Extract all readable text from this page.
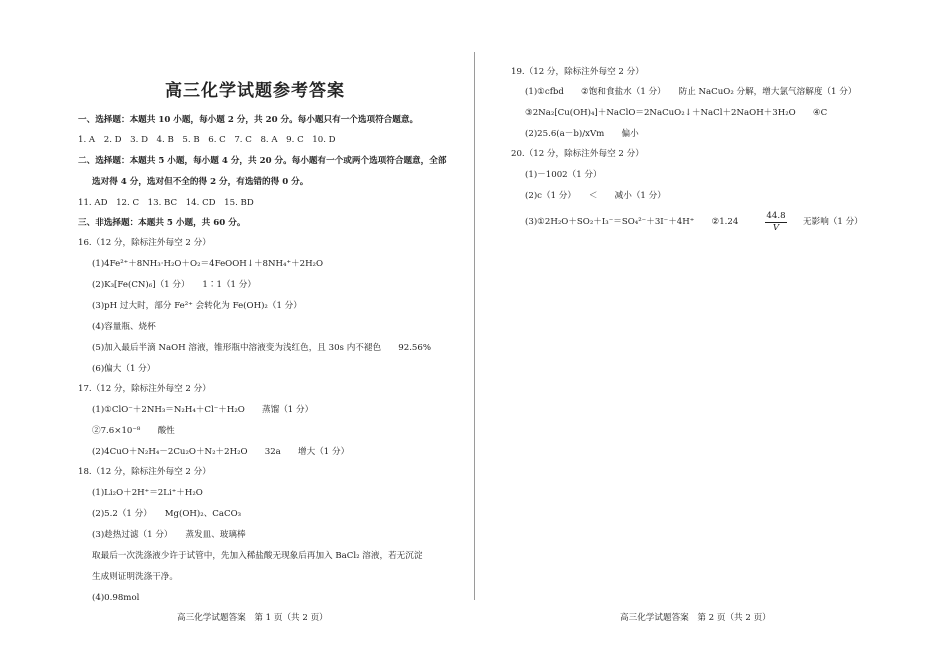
高三化学试题参考答案
一、选择题：本题共 10 小题，每小题 2 分，共 20 分。每小题只有一个选项符合题意。
1. A　2. D　3. D　4. B　5. B　6. C　7. C　8. A　9. C　10. D
二、选择题：本题共 5 小题，每小题 4 分，共 20 分。每小题有一个或两个选项符合题意，全部
选对得 4 分，选对但不全的得 2 分，有选错的得 0 分。
11. AD　12. C　13. BC　14. CD　15. BD
三、非选择题：本题共 5 小题，共 60 分。
16.（12 分，除标注外每空 2 分）
(1)4Fe²⁺＋8NH₃·H₂O＋O₂＝4FeOOH↓＋8NH₄⁺＋2H₂O
(2)K₃[Fe(CN)₆]（1 分）　　1∶1（1 分）
(3)pH 过大时，部分 Fe²⁺ 会转化为 Fe(OH)₂（1 分）
(4)容量瓶、烧杯
(5)加入最后半滴 NaOH 溶液，锥形瓶中溶液变为浅红色，且 30s 内不褪色　　92.56%
(6)偏大（1 分）
17.（12 分，除标注外每空 2 分）
(1)①ClO⁻＋2NH₃＝N₂H₄＋Cl⁻＋H₂O　　蒸馏（1 分）
②7.6×10⁻⁸　　酸性
(2)4CuO＋N₂H₄－2Cu₂O＋N₂＋2H₂O　　32a　　增大（1 分）
18.（12 分，除标注外每空 2 分）
(1)Li₂O＋2H⁺＝2Li⁺＋H₂O
(2)5.2（1 分）　　Mg(OH)₂、CaCO₃
(3)趁热过滤（1 分）　　蒸发皿、玻璃棒
取最后一次洗涤液少许于试管中，先加入稀盐酸无现象后再加入 BaCl₂ 溶液，若无沉淀
生成则证明洗涤干净。
(4)0.98mol
19.（12 分，除标注外每空 2 分）
(1)①cfbd　　②饱和食盐水（1 分）　　防止 NaCuO₂ 分解，增大氯气溶解度（1 分）
③2Na₂[Cu(OH)₄]＋NaClO＝2NaCuO₂↓＋NaCl＋2NaOH＋3H₂O　　④C
(2)25.6(a－b)/xVm　　偏小
20.（12 分，除标注外每空 2 分）
(1)－1002（1 分）
(2)c（1 分）　　＜　　减小（1 分）
(3)①2H₂O＋SO₂＋I₃⁻＝SO₄²⁻＋3I⁻＋4H⁺　　②1.24	$\frac{44.8}{V}$ 无影响（1 分）
高三化学试题答案　第 1 页（共 2 页）	高三化学试题答案　第 2 页（共 2 页）
